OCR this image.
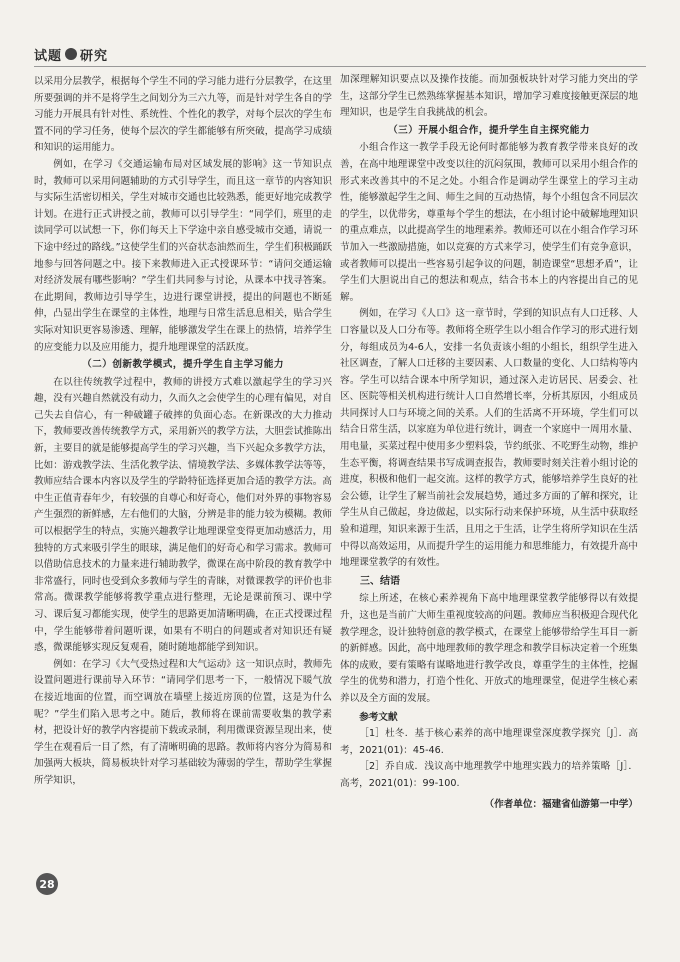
试题 研究

以采用分层教学，根据每个学生不同的学习能力进行分层教学，在这里所要强调的并不是将学生之间划分为三六九等，而是针对学生各自的学习能力开展具有针对性、系统性、个性化的教学，对每个层次的学生布置不同的学习任务，使每个层次的学生都能够有所突破，提高学习成绩和知识的运用能力。

例如，在学习《交通运输布局对区域发展的影响》这一节知识点时，教师可以采用问题辅助的方式引导学生，而且这一章节的内容知识与实际生活密切相关，学生对城市交通也比较熟悉，能更好地完成教学计划。在进行正式讲授之前，教师可以引导学生：“同学们，班里的走读同学可以试想一下，你们每天上下学途中亲自感受城市交通，请说一下途中经过的路线。”这使学生们的兴奋状态油然而生，学生们积极踊跃地参与回答问题之中。接下来教师进入正式授课环节：“请问交通运输对经济发展有哪些影响？”学生们共同参与讨论，从课本中找寻答案。在此期间，教师边引导学生，边进行课堂讲授，提出的问题也不断延伸，凸显出学生在课堂的主体性，地理与日常生活息息相关，贴合学生实际对知识更容易渗透、理解，能够激发学生在课上的热情，培养学生的应变能力以及应用能力，提升地理课堂的活跃度。

（二）创新教学模式，提升学生自主学习能力

在以往传统教学过程中，教师的讲授方式难以激起学生的学习兴趣，没有兴趣自然就没有动力，久而久之会使学生的心理有偏见，对自己失去自信心，有一种破罐子破摔的负面心态。在新课改的大力推动下，教师要改善传统教学方式，采用新兴的教学方法，大胆尝试推陈出新，主要目的就是能够提高学生的学习兴趣，当下兴起众多教学方法，比如：游戏教学法、生活化教学法、情境教学法、多媒体教学法等等，教师应结合课本内容以及学生的学龄特征选择更加合适的教学方法。高中生正值青春年少，有较强的自尊心和好奇心，他们对外界的事物容易产生强烈的新鲜感，左右他们的大脑，分辨是非的能力较为模糊。教师可以根据学生的特点，实施兴趣教学让地理课堂变得更加动感活力，用独特的方式来吸引学生的眼球，满足他们的好奇心和学习需求。教师可以借助信息技术的力量来进行辅助教学，微课在高中阶段的教育教学中非常盛行，同时也受到众多教师与学生的青睐，对微课教学的评价也非常高。微课教学能够将教学重点进行整理，无论是课前预习、课中学习、课后复习都能实现，使学生的思路更加清晰明确，在正式授课过程中，学生能够带着问题听课，如果有不明白的问题或者对知识还有疑惑，微课能够实现反复观看，随时随地都能学到知识。

例如：在学习《大气受热过程和大气运动》这一知识点时，教师先设置问题进行课前导入环节：“请同学们思考一下，一般情况下暖气放在接近地面的位置，而空调放在墙壁上接近房顶的位置，这是为什么呢？”学生们陷入思考之中。随后，教师将在课前需要收集的教学素材，把设计好的教学内容提前下载或录制，利用微课资源呈现出来，使学生在观看后一目了然，有了清晰明确的思路。教师将内容分为简易和加强两大板块，简易板块针对学习基础较为薄弱的学生，帮助学生掌握所学知识，

加深理解知识要点以及操作技能。而加强板块针对学习能力突出的学生，这部分学生已然熟练掌握基本知识，增加学习难度接触更深层的地理知识，也是学生自我挑战的机会。

（三）开展小组合作，提升学生自主探究能力

小组合作这一教学手段无论何时都能够为教育教学带来良好的改善，在高中地理课堂中改变以往的沉闷氛围，教师可以采用小组合作的形式来改善其中的不足之处。小组合作是调动学生课堂上的学习主动性，能够激起学生之间、师生之间的互动热情，每个小组包含不同层次的学生，以优带劣，尊重每个学生的想法，在小组讨论中破解地理知识的重点难点，以此提高学生的地理素养。教师还可以在小组合作学习环节加入一些激励措施，如以竞赛的方式来学习，使学生们有竞争意识，或者教师可以提出一些容易引起争议的问题，制造课堂“思想矛盾”，让学生们大胆说出自己的想法和观点，结合书本上的内容提出自己的见解。

例如，在学习《人口》这一章节时，学到的知识点有人口迁移、人口容量以及人口分布等。教师将全班学生以小组合作学习的形式进行划分，每组成员为4-6人，安排一名负责该小组的小组长，组织学生进入社区调查，了解人口迁移的主要因素、人口数量的变化、人口结构等内容。学生可以结合课本中所学知识，通过深入走访居民、居委会、社区、医院等相关机构进行统计人口自然增长率，分析其原因，小组成员共同探讨人口与环境之间的关系。人们的生活离不开环境，学生们可以结合日常生活，以家庭为单位进行统计，调查一个家庭中一周用水量、用电量，买菜过程中使用多少塑料袋，节约纸张、不吃野生动物，维护生态平衡，将调查结果书写成调查报告，教师要时刻关注着小组讨论的进度，积极和他们一起交流。这样的教学方式，能够培养学生良好的社会公德，让学生了解当前社会发展趋势，通过多方面的了解和探究，让学生从自己做起，身边做起，以实际行动来保护环境，从生活中获取经验和道理，知识来源于生活，且用之于生活，让学生将所学知识在生活中得以高效运用，从而提升学生的运用能力和思维能力，有效提升高中地理课堂教学的有效性。

三、结语

综上所述，在核心素养视角下高中地理课堂教学能够得以有效提升，这也是当前广大师生重视度较高的问题。教师应当积极迎合现代化教学理念，设计独特创意的教学模式，在课堂上能够带给学生耳目一新的新鲜感。因此，高中地理教师的教学理念和教学目标决定着一个班集体的成败，要有策略有谋略地进行教学改良，尊重学生的主体性，挖掘学生的优势和潜力，打造个性化、开放式的地理课堂，促进学生核心素养以及全方面的发展。

参考文献

［1］杜冬．基于核心素养的高中地理课堂深度教学探究［J］．高考，2021(01)：45-46.

［2］乔自成．浅议高中地理教学中地理实践力的培养策略［J］．高考，2021(01)：99-100.

（作者单位：福建省仙游第一中学）

28
